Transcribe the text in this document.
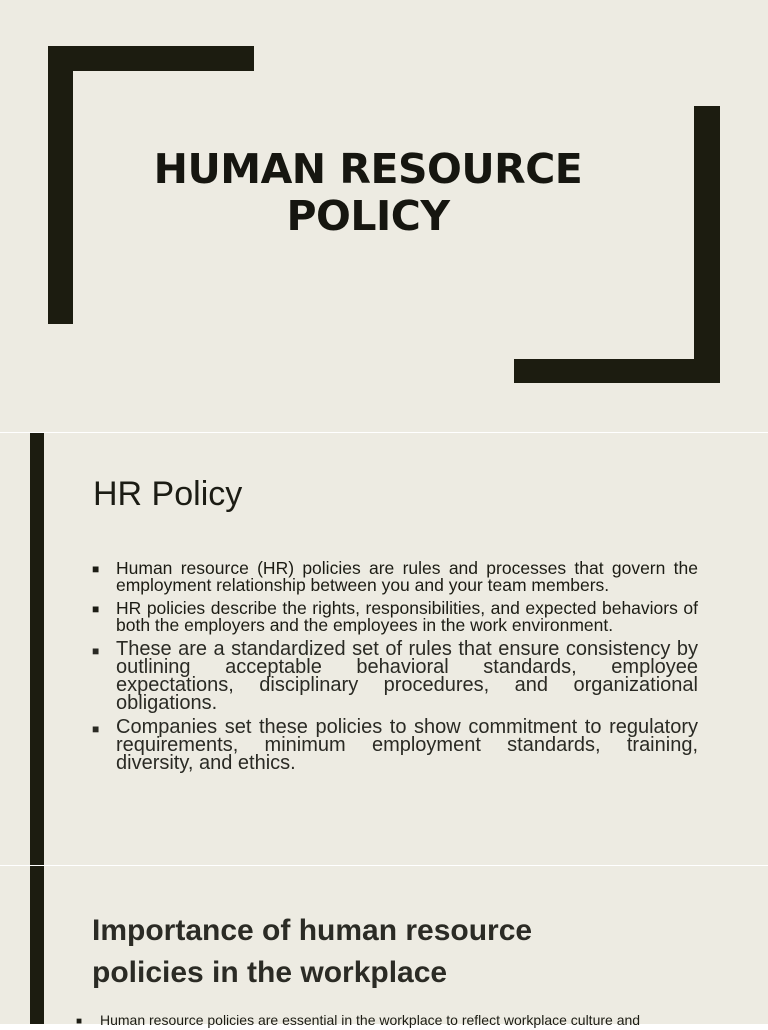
HUMAN RESOURCE
POLICY
HR Policy
■ Human resource (HR) policies are rules and processes that govern the employment relationship between you and your team members.
■ HR policies describe the rights, responsibilities, and expected behaviors of both the employers and the employees in the work environment.
■ These are a standardized set of rules that ensure consistency by outlining acceptable behavioral standards, employee expectations, disciplinary procedures, and organizational obligations.
■ Companies set these policies to show commitment to regulatory requirements, minimum employment standards, training, diversity, and ethics.
Importance of human resource
policies in the workplace
■ Human resource policies are essential in the workplace to reflect workplace culture and
